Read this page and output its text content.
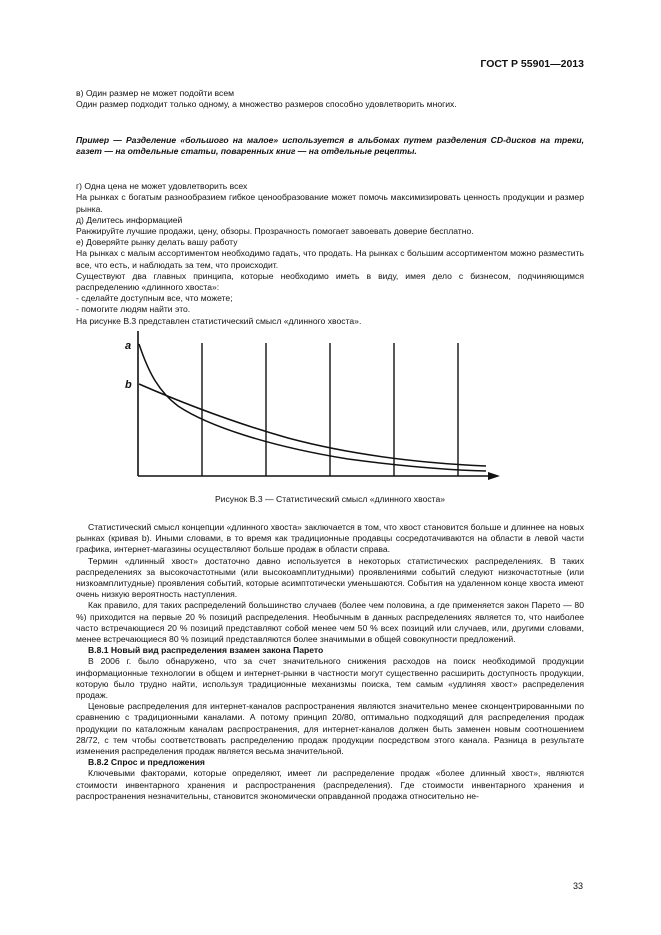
ГОСТ Р 55901—2013

в) Один размер не может подойти всем

Один размер подходит только одному, а множество размеров способно удовлетворить многих.

Пример — Разделение «большого на малое» используется в альбомах путем разделения CD-дисков на треки, газет — на отдельные статьи, поваренных книг — на отдельные рецепты.

г) Одна цена не может удовлетворить всех

На рынках с богатым разнообразием гибкое ценообразование может помочь максимизировать ценность продукции и размер рынка.

д) Делитесь информацией

Ранжируйте лучшие продажи, цену, обзоры. Прозрачность помогает завоевать доверие бесплатно.

е) Доверяйте рынку делать вашу работу

На рынках с малым ассортиментом необходимо гадать, что продать. На рынках с большим ассортиментом можно разместить все, что есть, и наблюдать за тем, что происходит.

Существуют два главных принципа, которые необходимо иметь в виду, имея дело с бизнесом, подчиняющимся распределению «длинного хвоста»:

- сделайте доступным все, что можете;

- помогите людям найти это.

На рисунке В.3 представлен статистический смысл «длинного хвоста».

a
b
Рисунок В.3 — Статистический смысл «длинного хвоста»

Статистический смысл концепции «длинного хвоста» заключается в том, что хвост становится больше и длиннее на новых рынках (кривая b). Иными словами, в то время как традиционные продавцы сосредотачиваются на области в левой части графика, интернет-магазины осуществляют больше продаж в области справа.

Термин «длинный хвост» достаточно давно используется в некоторых статистических распределениях. В таких распределениях за высокочастотными (или высокоамплитудными) проявлениями событий следуют низкочастотные (или низкоамплитудные) проявления событий, которые асимптотически уменьшаются. События на удаленном конце хвоста имеют очень низкую вероятность наступления.

Как правило, для таких распределений большинство случаев (более чем половина, а где применяется закон Парето — 80 %) приходится на первые 20 % позиций распределения. Необычным в данных распределениях является то, что наиболее часто встречающиеся 20 % позиций представляют собой менее чем 50 % всех позиций или случаев, или, другими словами, менее встречающиеся 80 % позиций представляются более значимыми в общей совокупности предложений.

В.8.1 Новый вид распределения взамен закона Парето

В 2006 г. было обнаружено, что за счет значительного снижения расходов на поиск необходимой продукции информационные технологии в общем и интернет-рынки в частности могут существенно расширить доступность продукции, которую было трудно найти, используя традиционные механизмы поиска, тем самым «удлиняя хвост» распределения продаж.

Ценовые распределения для интернет-каналов распространения являются значительно менее сконцентрированными по сравнению с традиционными каналами. А потому принцип 20/80, оптимально подходящий для распределения продаж продукции по каталожным каналам распространения, для интернет-каналов должен быть заменен новым соотношением 28/72, с тем чтобы соответствовать распределению продаж продукции посредством этого канала. Разница в результате изменения распределения продаж является весьма значительной.

В.8.2 Спрос и предложения

Ключевыми факторами, которые определяют, имеет ли распределение продаж «более длинный хвост», являются стоимости инвентарного хранения и распространения (распределения). Где стоимости инвентарного хранения и распространения незначительны, становится экономически оправданной продажа относительно не-

33
